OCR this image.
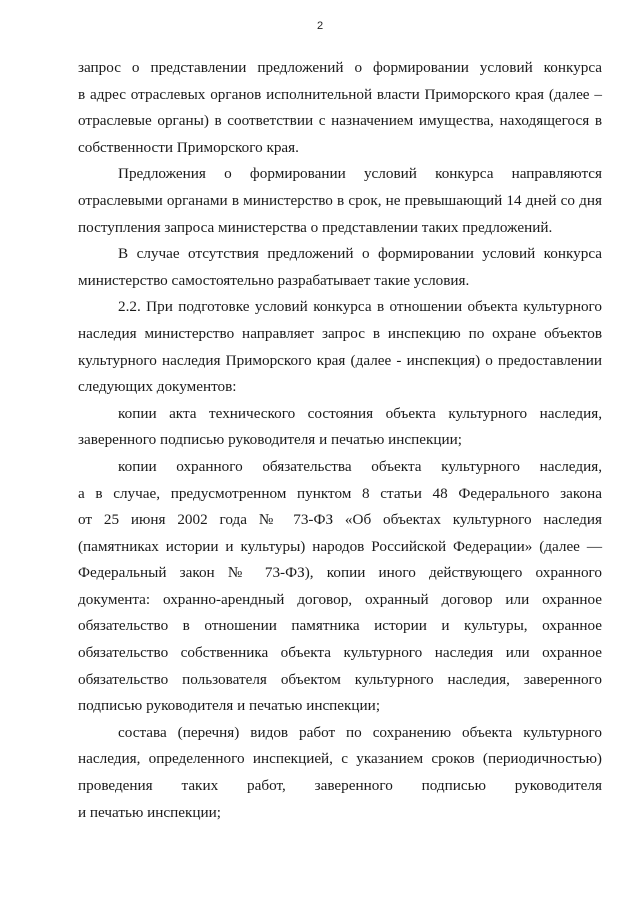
2
запрос о представлении предложений о формировании условий конкурса
в адрес отраслевых органов исполнительной власти Приморского края (далее –
отраслевые органы) в соответствии с назначением имущества, находящегося в
собственности Приморского края.
Предложения о формировании условий конкурса направляются
отраслевыми органами в министерство в срок, не превышающий 14 дней со дня
поступления запроса министерства о представлении таких предложений.
В случае отсутствия предложений о формировании условий конкурса
министерство самостоятельно разрабатывает такие условия.
2.2. При подготовке условий конкурса в отношении объекта культурного
наследия министерство направляет запрос в инспекцию по охране объектов
культурного наследия Приморского края (далее - инспекция) о предоставлении
следующих документов:
копии акта технического состояния объекта культурного наследия,
заверенного подписью руководителя и печатью инспекции;
копии охранного обязательства объекта культурного наследия,
а в случае, предусмотренном пунктом 8 статьи 48 Федерального закона
от 25 июня 2002 года № 73-ФЗ «Об объектах культурного наследия
(памятниках истории и культуры) народов Российской Федерации» (далее —
Федеральный закон № 73-ФЗ), копии иного действующего охранного
документа: охранно-арендный договор, охранный договор или охранное
обязательство в отношении памятника истории и культуры, охранное
обязательство собственника объекта культурного наследия или охранное
обязательство пользователя объектом культурного наследия, заверенного
подписью руководителя и печатью инспекции;
состава (перечня) видов работ по сохранению объекта культурного
наследия, определенного инспекцией, с указанием сроков (периодичностью)
проведения таких работ, заверенного подписью руководителя
и печатью инспекции;
